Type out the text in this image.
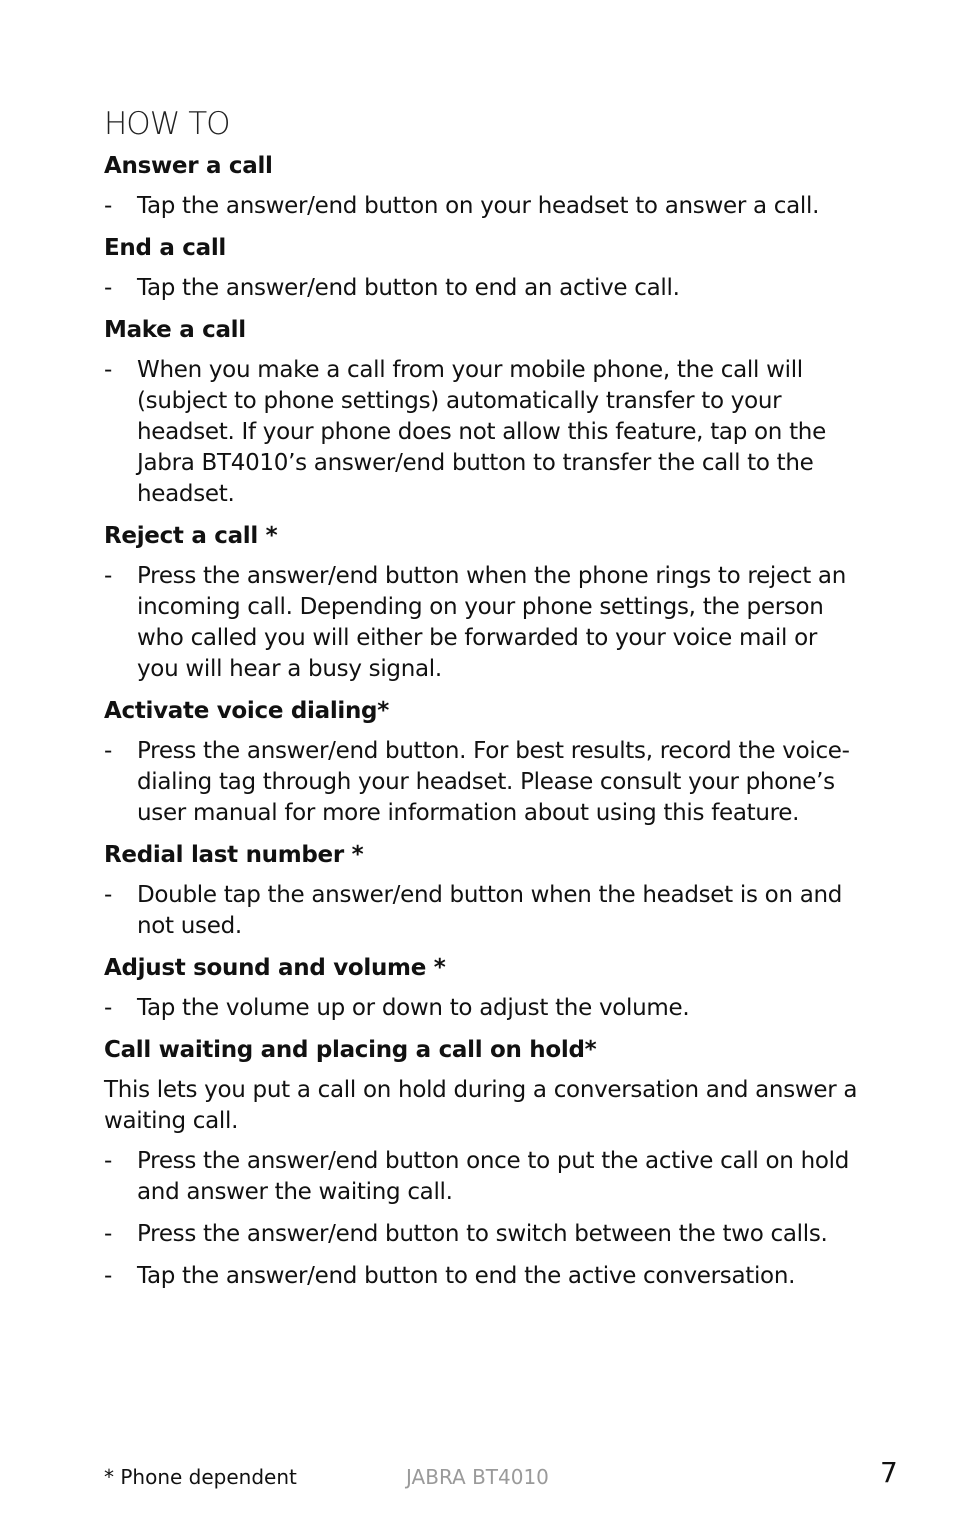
HOW TO
Answer a call
-	Tap the answer/end button on your headset to answer a call.
End a call
-	Tap the answer/end button to end an active call.
Make a call
-	When you make a call from your mobile phone, the call will (subject to phone settings) automatically transfer to your headset. If your phone does not allow this feature, tap on the Jabra BT4010’s answer/end button to transfer the call to the headset.
Reject a call *
-	Press the answer/end button when the phone rings to reject an incoming call. Depending on your phone settings, the person who called you will either be forwarded to your voice mail or you will hear a busy signal.
Activate voice dialing*
-	Press the answer/end button. For best results, record the voice-dialing tag through your headset. Please consult your phone’s user manual for more information about using this feature.
Redial last number *
-	Double tap the answer/end button when the headset is on and not used.
Adjust sound and volume *
-	Tap the volume up or down to adjust the volume.
Call waiting and placing a call on hold*
This lets you put a call on hold during a conversation and answer a waiting call.
-	Press the answer/end button once to put the active call on hold and answer the waiting call.
-	Press the answer/end button to switch between the two calls.
-	Tap the answer/end button to end the active conversation.
* Phone dependent	JABRA BT4010	7
